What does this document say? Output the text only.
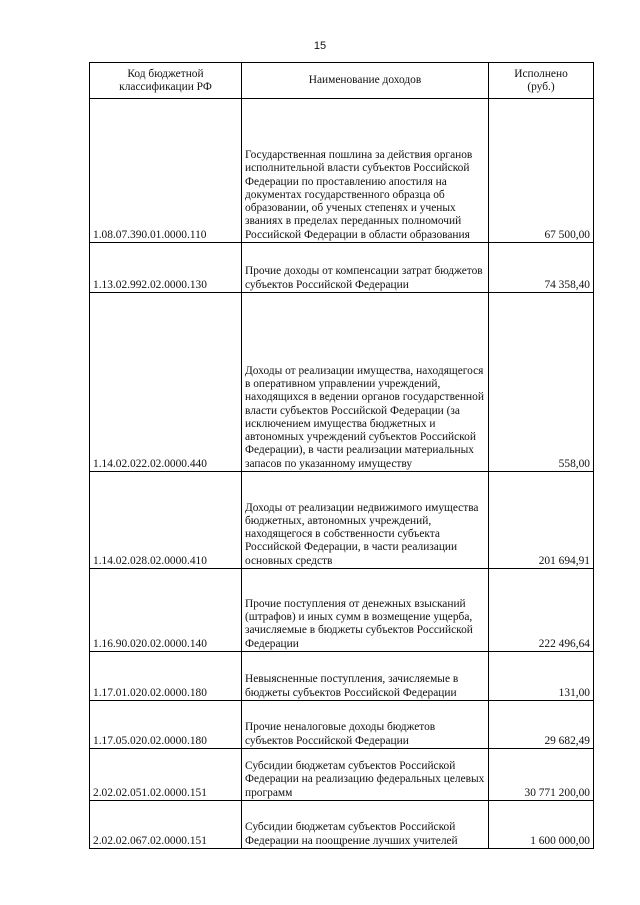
15
Код бюджетной классификации РФ	Наименование доходов	Исполнено (руб.)
1.08.07.390.01.0000.110	Государственная пошлина за действия органов исполнительной власти субъектов Российской Федерации по проставлению апостиля на документах государственного образца об образовании, об ученых степенях и ученых званиях в пределах переданных полномочий Российской Федерации в области образования	67 500,00
1.13.02.992.02.0000.130	Прочие доходы от компенсации затрат бюджетов субъектов Российской Федерации	74 358,40
1.14.02.022.02.0000.440	Доходы от реализации имущества, находящегося в оперативном управлении учреждений, находящихся в ведении органов государственной власти субъектов Российской Федерации (за исключением имущества бюджетных и автономных учреждений субъектов Российской Федерации), в части реализации материальных запасов по указанному имуществу	558,00
1.14.02.028.02.0000.410	Доходы от реализации недвижимого имущества бюджетных, автономных учреждений, находящегося в собственности субъекта Российской Федерации, в части реализации основных средств	201 694,91
1.16.90.020.02.0000.140	Прочие поступления от денежных взысканий (штрафов) и иных сумм в возмещение ущерба, зачисляемые в бюджеты субъектов Российской Федерации	222 496,64
1.17.01.020.02.0000.180	Невыясненные поступления, зачисляемые в бюджеты субъектов Российской Федерации	131,00
1.17.05.020.02.0000.180	Прочие неналоговые доходы бюджетов субъектов Российской Федерации	29 682,49
2.02.02.051.02.0000.151	Субсидии бюджетам субъектов Российской Федерации на реализацию федеральных целевых программ	30 771 200,00
2.02.02.067.02.0000.151	Субсидии бюджетам субъектов Российской Федерации на поощрение лучших учителей	1 600 000,00
